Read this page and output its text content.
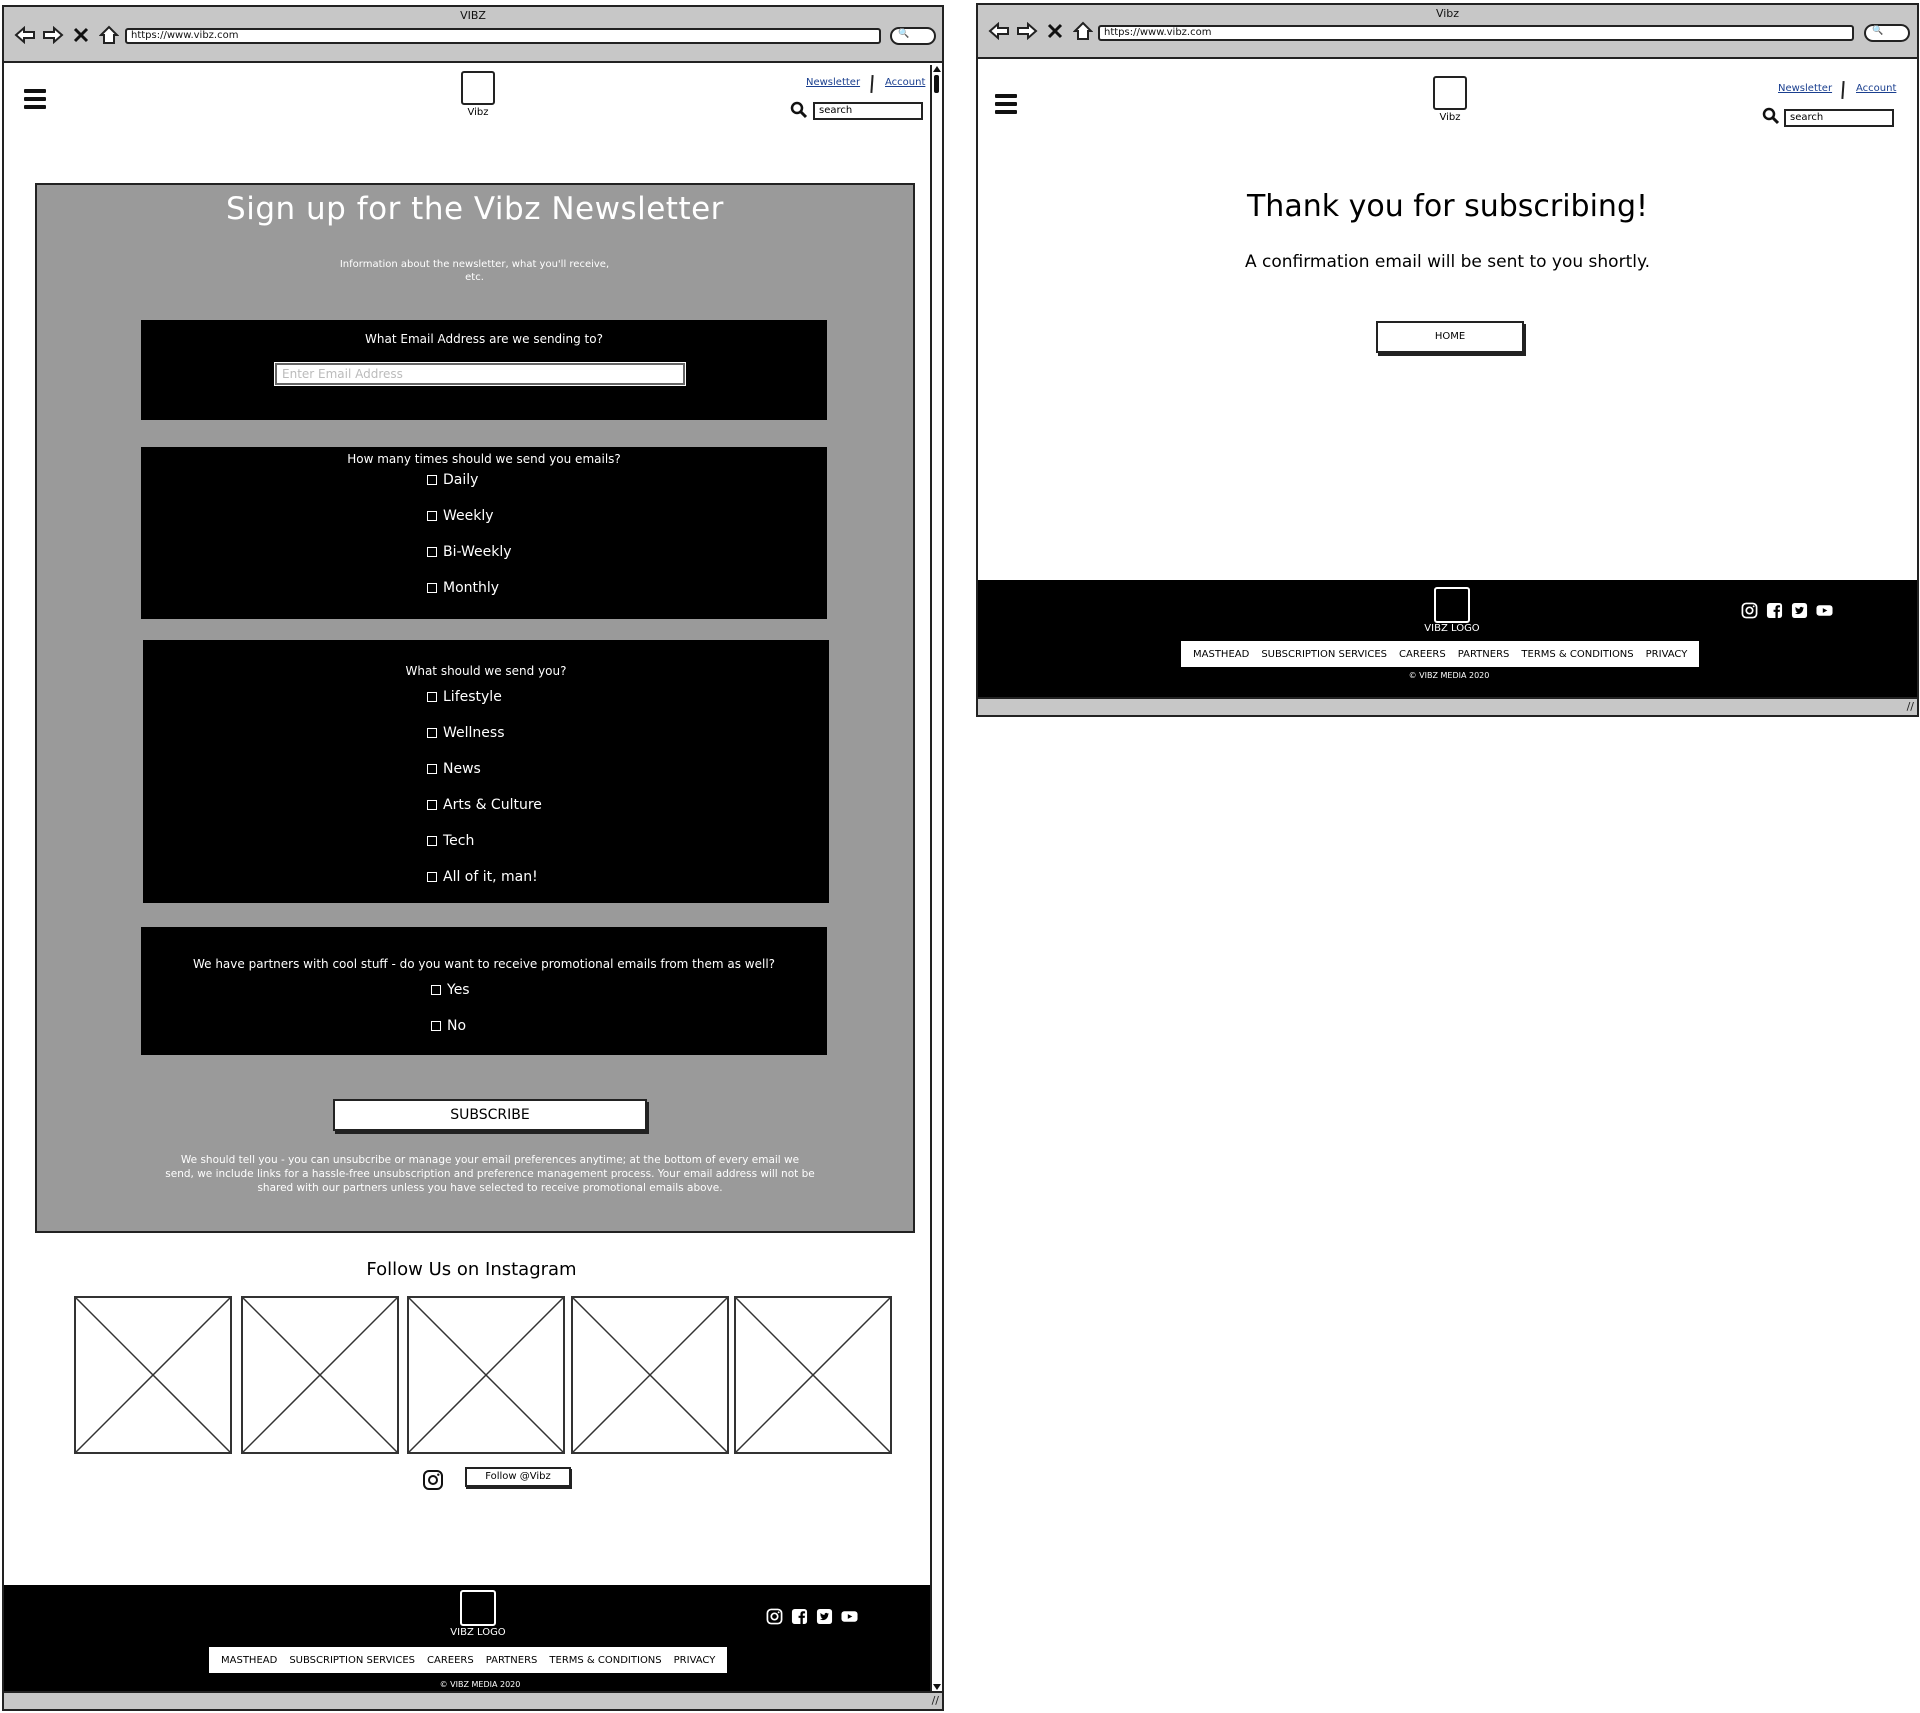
VIBZ
https://www.vibz.com	🔍
Vibz
Newsletter Account
search
Sign up for the Vibz Newsletter
Information about the newsletter, what you'll receive, etc.
What Email Address are we sending to?
Enter Email Address
How many times should we send you emails?
Daily
Weekly
Bi-Weekly
Monthly
What should we send you?
Lifestyle
Wellness
News
Arts & Culture
Tech
All of it, man!
We have partners with cool stuff - do you want to receive promotional emails from them as well?
Yes
No
SUBSCRIBE
We should tell you - you can unsubcribe or manage your email preferences anytime; at the bottom of every email we send, we include links for a hassle-free unsubscription and preference management process. Your email address will not be shared with our partners unless you have selected to receive promotional emails above.
Follow Us on Instagram
Follow @Vibz
VIBZ LOGO
MASTHEAD	SUBSCRIPTION SERVICES	CAREERS	PARTNERS	TERMS & CONDITIONS	PRIVACY
© VIBZ MEDIA 2020
//
Vibz
https://www.vibz.com	🔍
Vibz
Newsletter Account
search
Thank you for subscribing!
A confirmation email will be sent to you shortly.
HOME
VIBZ LOGO
MASTHEAD	SUBSCRIPTION SERVICES	CAREERS	PARTNERS	TERMS & CONDITIONS	PRIVACY
© VIBZ MEDIA 2020
//
